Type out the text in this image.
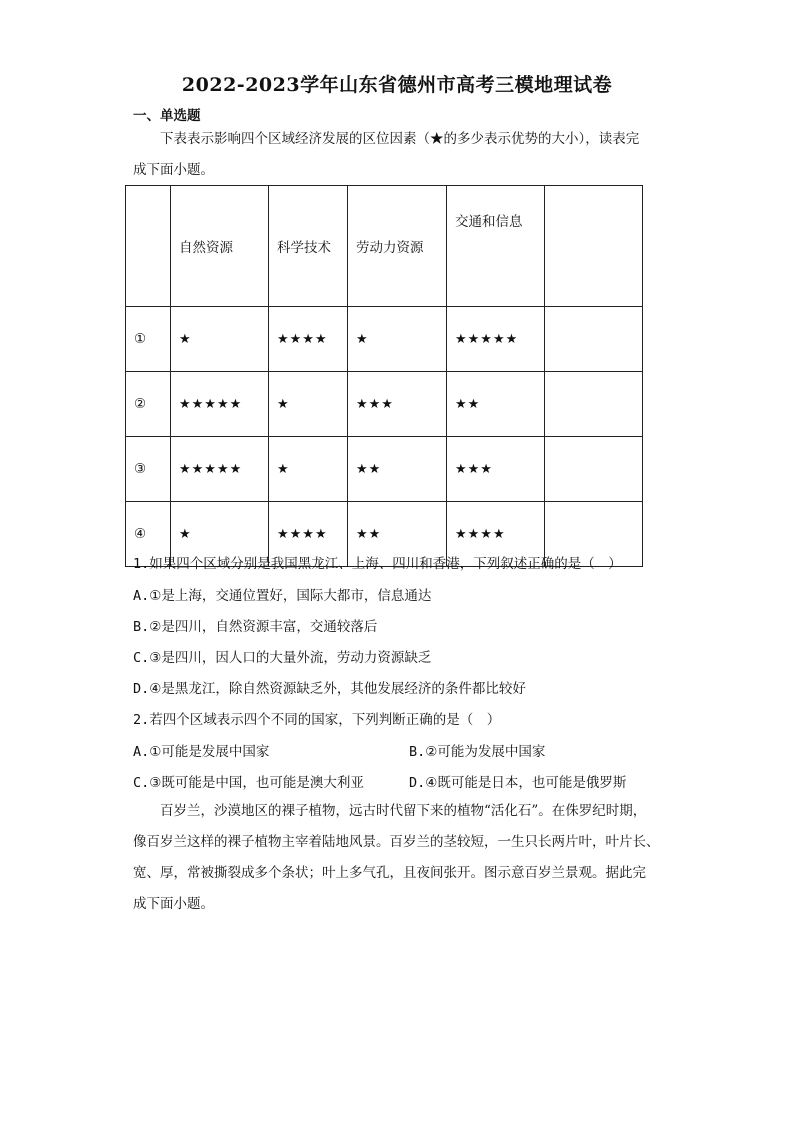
2022-2023学年山东省德州市高考三模地理试卷
一、单选题
下表表示影响四个区域经济发展的区位因素（★的多少表示优势的大小），读表完
成下面小题。
	自然资源	科学技术	劳动力资源	交通和信息	
①	★	★★★★	★	★★★★★	
②	★★★★★	★	★★★	★★	
③	★★★★★	★	★★	★★★	
④	★	★★★★	★★	★★★★	
1.如果四个区域分别是我国黑龙江、上海、四川和香港，下列叙述正确的是（　）
A.①是上海，交通位置好，国际大都市，信息通达
B.②是四川，自然资源丰富，交通较落后
C.③是四川，因人口的大量外流，劳动力资源缺乏
D.④是黑龙江，除自然资源缺乏外，其他发展经济的条件都比较好
2.若四个区域表示四个不同的国家，下列判断正确的是（　）
A.①可能是发展中国家	B.②可能为发展中国家
C.③既可能是中国，也可能是澳大利亚	D.④既可能是日本，也可能是俄罗斯
百岁兰，沙漠地区的裸子植物，远古时代留下来的植物“活化石”。在侏罗纪时期，
像百岁兰这样的裸子植物主宰着陆地风景。百岁兰的茎较短，一生只长两片叶，叶片长、
宽、厚，常被撕裂成多个条状；叶上多气孔，且夜间张开。图示意百岁兰景观。据此完
成下面小题。
